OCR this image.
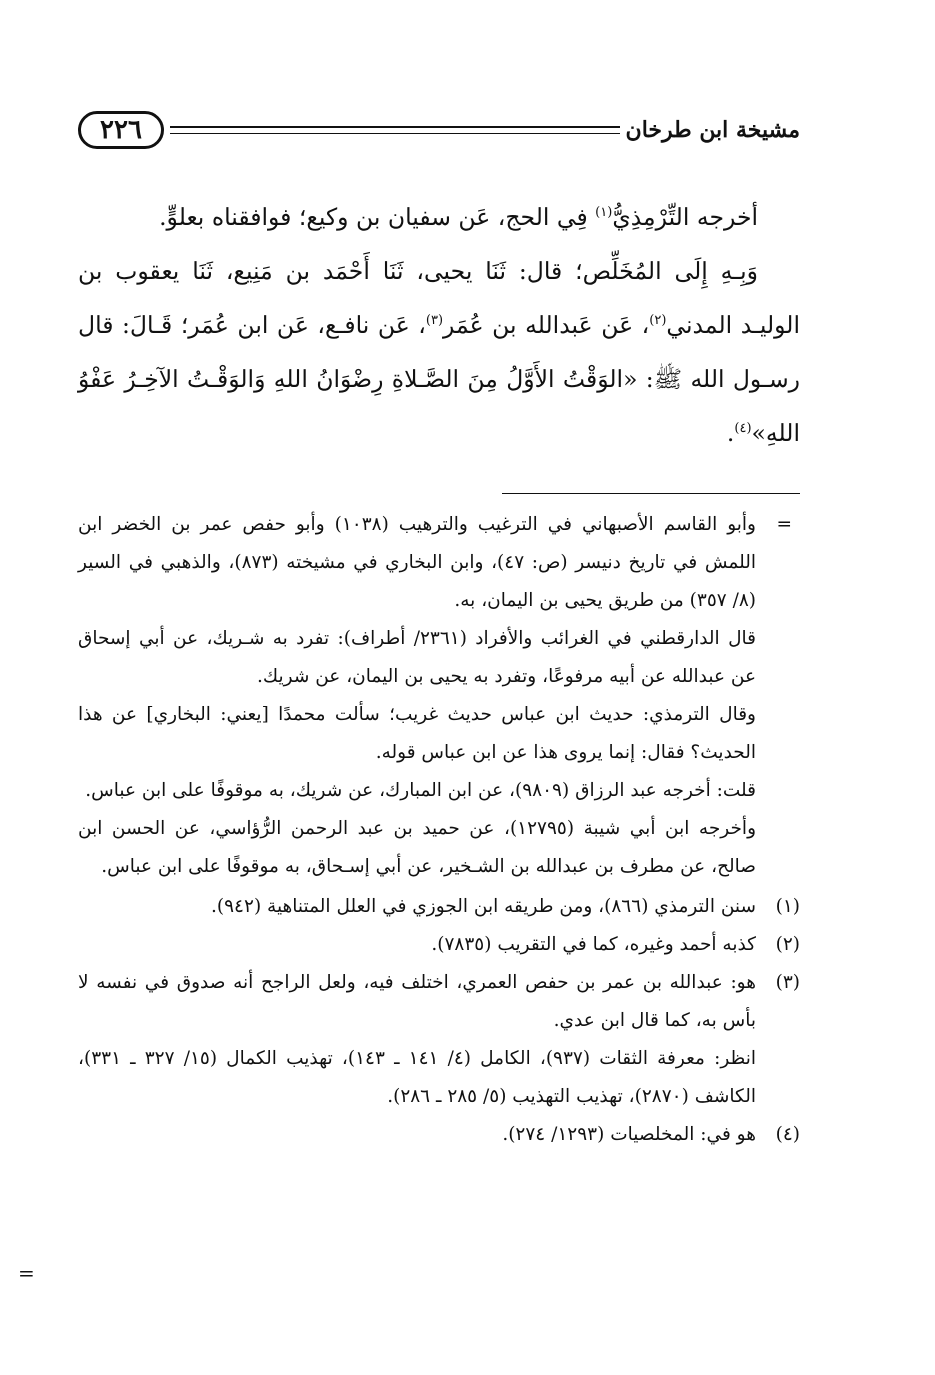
مشيخة ابن طرخان
٢٢٦

أخرجه التِّرْمِذِيُّ$^{(١)}$ فِي الحج، عَن سفيان بن وكيع؛ فوافقناه بعلوٍّ.

وَبِـهِ إِلَى المُخَلِّص؛ قال: ثَنَا يحيى، ثَنَا أَحْمَد بن مَنِيع، ثَنَا يعقوب بن الوليـد المدني$^{(٢)}$، عَن عَبدالله بن عُمَر$^{(٣)}$، عَن نافـع، عَن ابن عُمَر؛ قَـالَ: قال رسـول الله ﷺ: «الوَقْتُ الأَوَّلُ مِنَ الصَّـلاةِ رِضْوَانُ اللهِ وَالوَقْـتُ الآخِـرُ عَفْوُ اللهِ»$^{(٤)}$.

=

وأبو القاسم الأصبهاني في الترغيب والترهيب (١٠٣٨) وأبو حفص عمر بن الخضر ابن اللمش في تاريخ دنيسر (ص: ٤٧)، وابن البخاري في مشيخته (٨٧٣)، والذهبي في السير (٨/ ٣٥٧) من طريق يحيى بن اليمان، به.

قال الدارقطني في الغرائب والأفراد (٢٣٦١/ أطراف): تفرد به شـريك، عن أبي إسحاق عن عبدالله عن أبيه مرفوعًا، وتفرد به يحيى بن اليمان، عن شريك.

وقال الترمذي: حديث ابن عباس حديث غريب؛ سألت محمدًا [يعني: البخاري] عن هذا الحديث؟ فقال: إنما يروى هذا عن ابن عباس قوله.

قلت: أخرجه عبد الرزاق (٩٨٠٩)، عن ابن المبارك، عن شريك، به موقوفًا على ابن عباس.

وأخرجه ابن أبي شيبة (١٢٧٩٥)، عن حميد بن عبد الرحمن الرُّؤاسي، عن الحسن ابن صالح، عن مطرف بن عبدالله بن الشـخير، عن أبي إسـحاق، به موقوفًا على ابن عباس.

(١)

سنن الترمذي (٨٦٦)، ومن طريقه ابن الجوزي في العلل المتناهية (٩٤٢).

(٢)

كذبه أحمد وغيره، كما في التقريب (٧٨٣٥).

(٣)

هو: عبدالله بن عمر بن حفص العمري، اختلف فيه، ولعل الراجح أنه صدوق في نفسه لا بأس به، كما قال ابن عدي.

انظر: معرفة الثقات (٩٣٧)، الكامل (٤/ ١٤١ ـ ١٤٣)، تهذيب الكمال (١٥/ ٣٢٧ ـ ٣٣١)، الكاشف (٢٨٧٠)، تهذيب التهذيب (٥/ ٢٨٥ ـ ٢٨٦).

(٤)

هو في: المخلصيات (١٢٩٣/ ٢٧٤).

=
